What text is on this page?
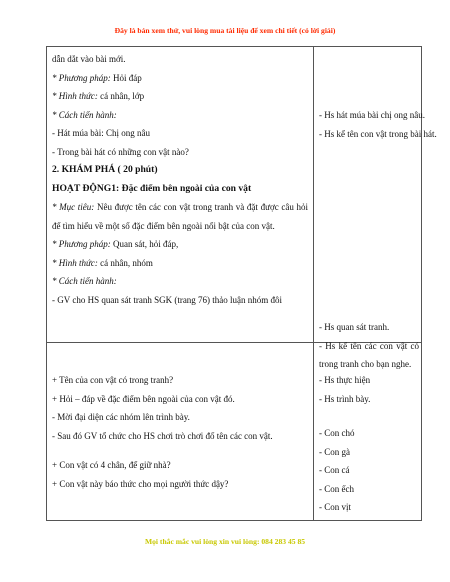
Đây là bản xem thử, vui lòng mua tài liệu để xem chi tiết (có lời giải)
dẫn dắt vào bài mới.
* Phương pháp: Hỏi đáp
* Hình thức: cá nhân, lớp
* Cách tiến hành:
- Hát múa bài: Chị ong nâu
- Trong bài hát có những con vật nào?
2. KHÁM PHÁ ( 20 phút)
HOẠT ĐỘNG1: Đặc điểm bên ngoài của con vật
* Mục tiêu: Nêu được tên các con vật trong tranh và đặt được câu hỏi để tìm hiểu về một số đặc điểm bên ngoài nổi bật của con vật.
* Phương pháp: Quan sát, hỏi đáp,
* Hình thức: cá nhân, nhóm
* Cách tiến hành:
- GV cho HS quan sát tranh SGK (trang 76) thảo luận nhóm đôi
- Hs hát múa bài chị ong nâu.
- Hs kể tên con vật trong bài hát.
- Hs quan sát tranh.
- Hs kể tên các con vật có trong tranh cho bạn nghe.
+ Tên của con vật có trong tranh?
+ Hỏi – đáp về đặc điểm bên ngoài của con vật đó.
- Mời đại diện các nhóm lên trình bày.
- Sau đó GV tổ chức cho HS chơi trò chơi đố tên các con vật.
+ Con vật có 4 chân, để giữ nhà?
+ Con vật này báo thức cho mọi người thức dậy?
- Hs thực hiện
- Hs trình bày.
- Con chó
- Con gà
- Con cá
- Con ếch
- Con vịt
Mọi thắc mắc vui lòng xin vui lòng: 084 283 45 85
